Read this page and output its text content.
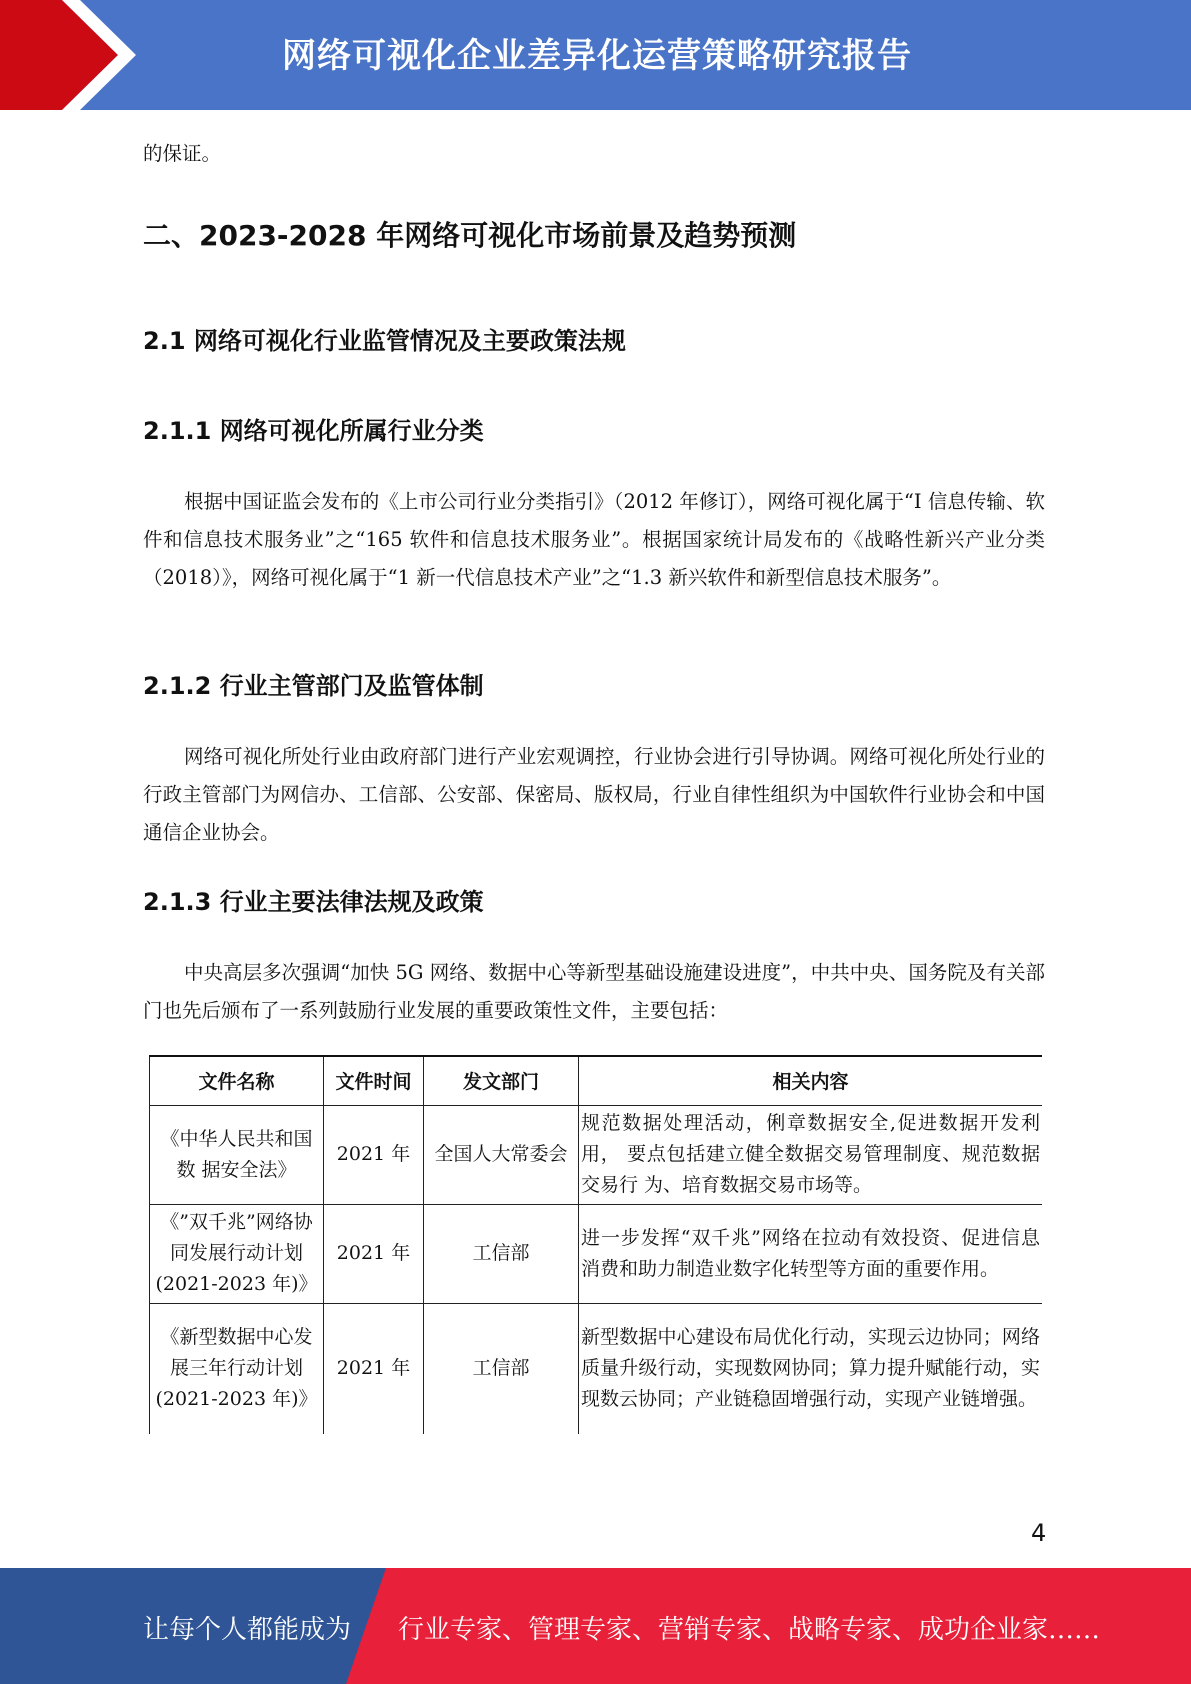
网络可视化企业差异化运营策略研究报告
的保证。
二、2023-2028 年网络可视化市场前景及趋势预测
2.1 网络可视化行业监管情况及主要政策法规
2.1.1 网络可视化所属行业分类
根据中国证监会发布的《上市公司行业分类指引》（2012 年修订），网络可视化属于“I 信息传输、软件和信息技术服务业”之“165 软件和信息技术服务业”。根据国家统计局发布的《战略性新兴产业分类（2018）》，网络可视化属于“1 新一代信息技术产业”之“1.3 新兴软件和新型信息技术服务”。
2.1.2 行业主管部门及监管体制
网络可视化所处行业由政府部门进行产业宏观调控，行业协会进行引导协调。网络可视化所处行业的行政主管部门为网信办、工信部、公安部、保密局、版权局，行业自律性组织为中国软件行业协会和中国通信企业协会。
2.1.3 行业主要法律法规及政策
中央高层多次强调“加快 5G 网络、数据中心等新型基础设施建设进度”，中共中央、国务院及有关部门也先后颁布了一系列鼓励行业发展的重要政策性文件，主要包括：
文件名称	文件时间	发文部门	相关内容
《中华人民共和国数 据安全法》	2021 年	全国人大常委会	规范数据处理活动，俐章数据安全,促进数据开发利用， 要点包括建立健全数据交易管理制度、规范数据交易行 为、培育数据交易市场等。
《”双千兆”网络协同发展行动计划(2021-2023 年)》	2021 年	工信部	进一步发挥“双千兆”网络在拉动有效投资、促进信息 消费和助力制造业数字化转型等方面的重要作用。
《新型数据中心发展三年行动计划(2021-2023 年)》	2021 年	工信部	新型数据中心建设布局优化行动，实现云边协同；网络 质量升级行动，实现数网协同；算力提升赋能行动，实 现数云协同；产业链稳固增强行动，实现产业链增强。
4
让每个人都能成为 行业专家、管理专家、营销专家、战略专家、成功企业家……
